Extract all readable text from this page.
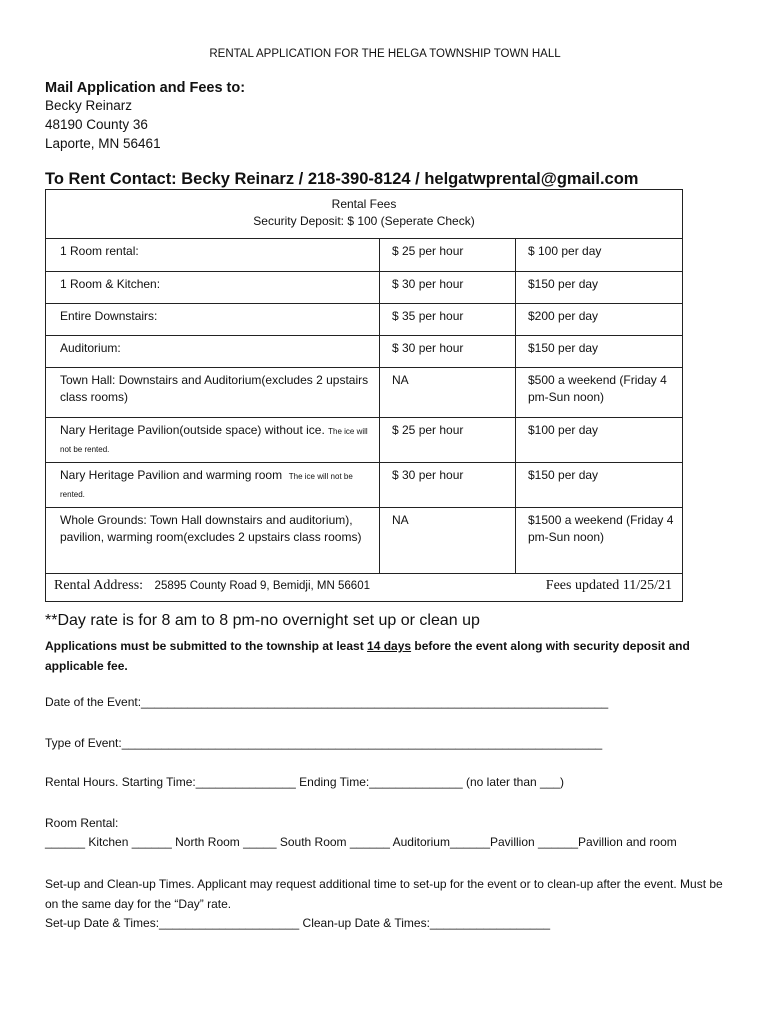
RENTAL APPLICATION FOR THE HELGA TOWNSHIP TOWN HALL
Mail Application and Fees to:
Becky Reinarz
48190 County 36
Laporte, MN 56461
To Rent Contact: Becky Reinarz / 218-390-8124 / helgatwprental@gmail.com
Rental Fees
Security Deposit: $ 100 (Seperate Check)		

1 Room rental:	$ 25 per hour	$ 100 per day
1 Room & Kitchen:	$ 30 per hour	$150 per day
Entire Downstairs:	$ 35 per hour	$200 per day
Auditorium:	$ 30 per hour	$150 per day
Town Hall: Downstairs and Auditorium(excludes 2 upstairs class rooms)	NA	$500 a weekend (Friday 4 pm-Sun noon)
Nary Heritage Pavilion(outside space) without ice. The ice will not be rented.	$ 25 per hour	$100 per day
Nary Heritage Pavilion and warming room The ice will not be rented.	$ 30 per hour	$150 per day
Whole Grounds: Town Hall downstairs and auditorium), pavilion, warming room(excludes 2 upstairs class rooms)	NA	$1500 a weekend (Friday 4 pm-Sun noon)
Rental Address: 25895 County Road 9, Bemidji, MN 56601 Fees updated 11/25/21		
**Day rate is for 8 am to 8 pm-no overnight set up or clean up
Applications must be submitted to the township at least 14 days before the event along with security deposit and applicable fee.
Date of the Event:______________________________________________________________________
Type of Event:________________________________________________________________________
Rental Hours. Starting Time:_______________ Ending Time:______________ (no later than ___)
Room Rental:
______ Kitchen ______ North Room _____ South Room ______ Auditorium______Pavillion ______Pavillion and room
Set-up and Clean-up Times. Applicant may request additional time to set-up for the event or to clean-up after the event. Must be on the same day for the “Day” rate.
Set-up Date & Times:_____________________ Clean-up Date & Times:__________________
